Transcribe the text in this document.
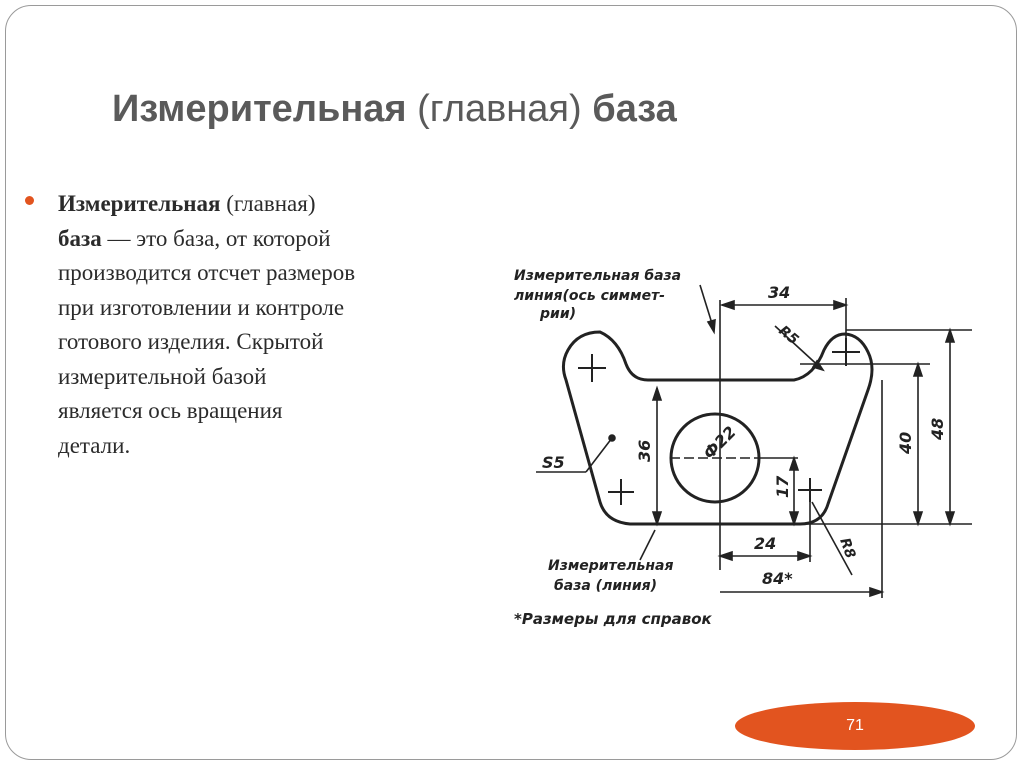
Измерительная (главная) база
Измерительная (главная)
база — это база, от которой
производится отсчет размеров
при изготовлении и контроле
готового изделия. Скрытой
измерительной базой
является ось вращения
детали.
Измерительная база
линия(ось симмет-
рии)
34
R5
S5
36	Ф22
17
40
48
24	R8
Измерительная
база (линия)	84*
*Размеры для справок
71
